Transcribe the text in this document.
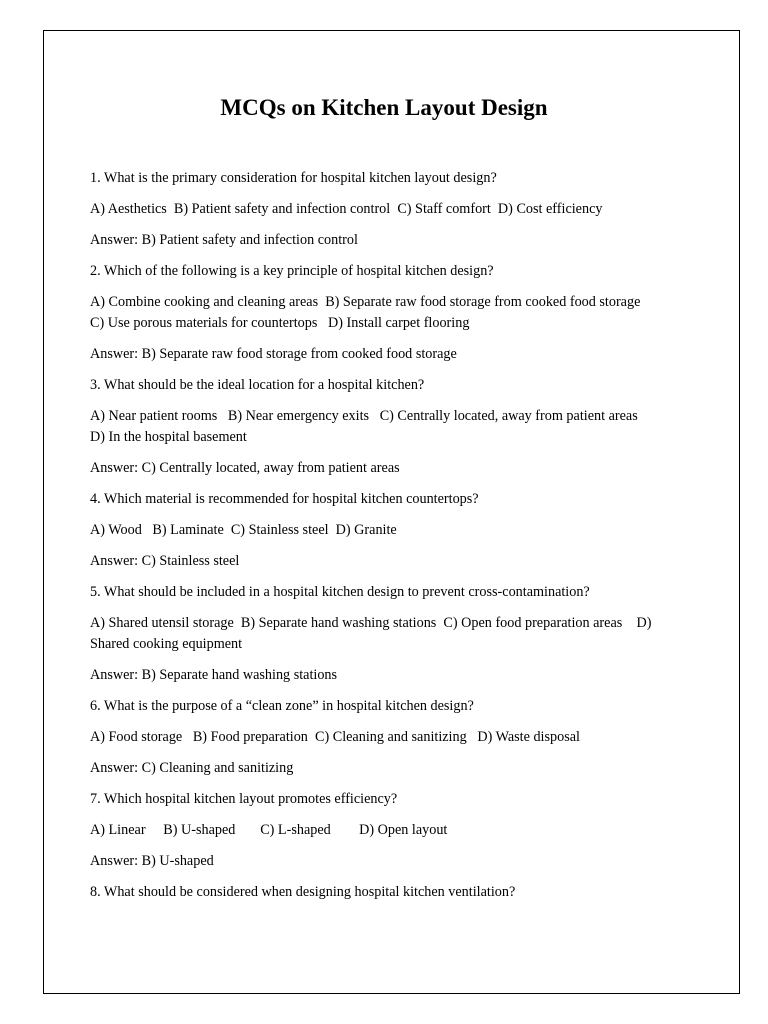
MCQs on Kitchen Layout Design

1. What is the primary consideration for hospital kitchen layout design?

A) Aesthetics  B) Patient safety and infection control  C) Staff comfort  D) Cost efficiency

Answer: B) Patient safety and infection control

2. Which of the following is a key principle of hospital kitchen design?

A) Combine cooking and cleaning areas  B) Separate raw food storage from cooked food storage

C) Use porous materials for countertops   D) Install carpet flooring

Answer: B) Separate raw food storage from cooked food storage

3. What should be the ideal location for a hospital kitchen?

A) Near patient rooms   B) Near emergency exits   C) Centrally located, away from patient areas

D) In the hospital basement

Answer: C) Centrally located, away from patient areas

4. Which material is recommended for hospital kitchen countertops?

A) Wood   B) Laminate  C) Stainless steel  D) Granite

Answer: C) Stainless steel

5. What should be included in a hospital kitchen design to prevent cross-contamination?

A) Shared utensil storage  B) Separate hand washing stations  C) Open food preparation areas    D)

Shared cooking equipment

Answer: B) Separate hand washing stations

6. What is the purpose of a “clean zone” in hospital kitchen design?

A) Food storage   B) Food preparation  C) Cleaning and sanitizing   D) Waste disposal

Answer: C) Cleaning and sanitizing

7. Which hospital kitchen layout promotes efficiency?

A) Linear     B) U-shaped       C) L-shaped        D) Open layout

Answer: B) U-shaped

8. What should be considered when designing hospital kitchen ventilation?
